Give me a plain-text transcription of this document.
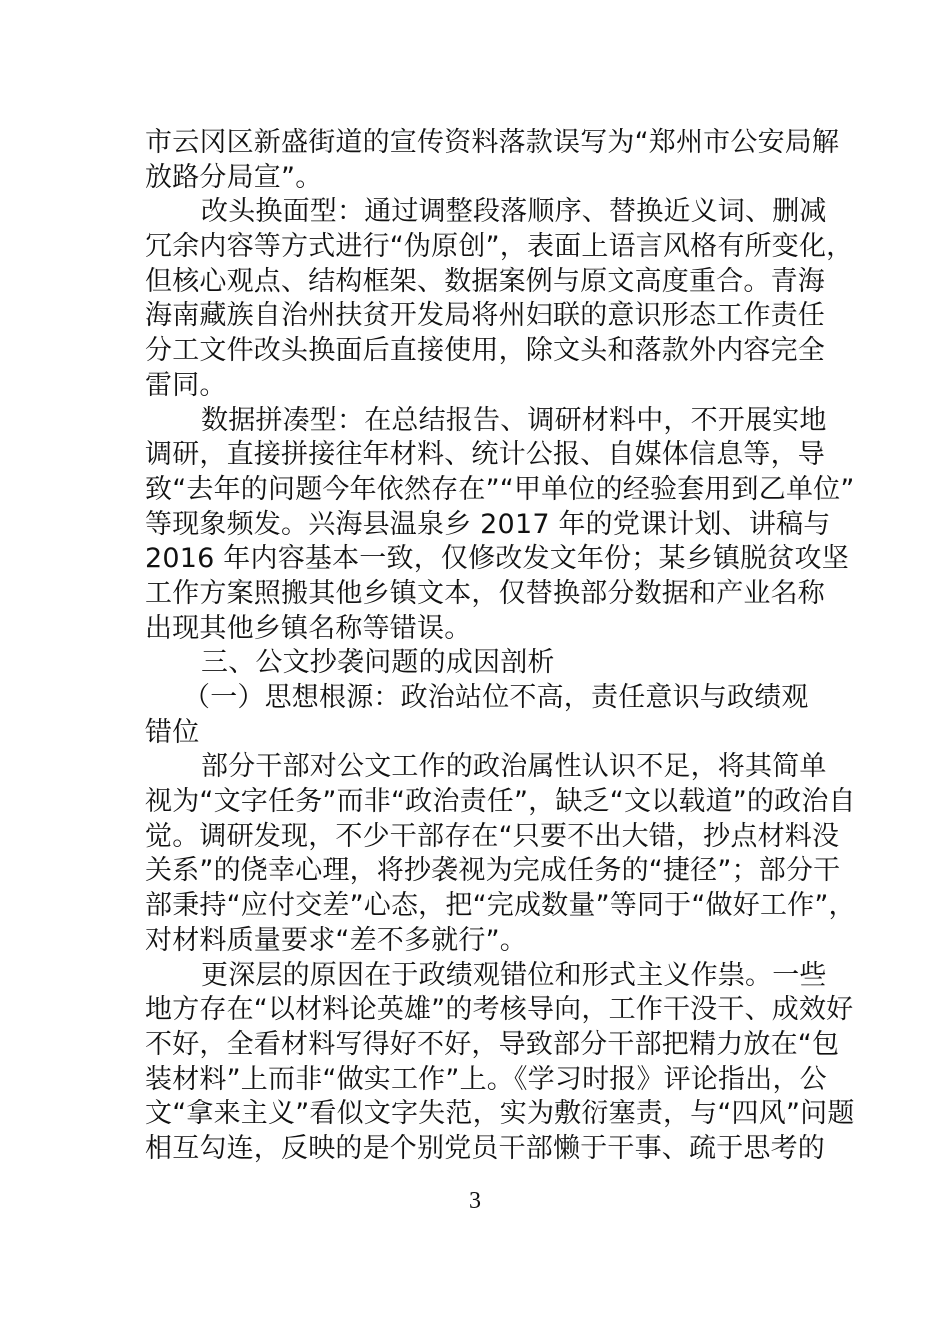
市云冈区新盛街道的宣传资料落款误写为“郑州市公安局解
放路分局宣”。
改头换面型：通过调整段落顺序、替换近义词、删减
冗余内容等方式进行“伪原创”，表面上语言风格有所变化，
但核心观点、结构框架、数据案例与原文高度重合。青海
海南藏族自治州扶贫开发局将州妇联的意识形态工作责任
分工文件改头换面后直接使用，除文头和落款外内容完全
雷同。
数据拼凑型：在总结报告、调研材料中，不开展实地
调研，直接拼接往年材料、统计公报、自媒体信息等，导
致“去年的问题今年依然存在”“甲单位的经验套用到乙单位”
等现象频发。兴海县温泉乡 2017 年的党课计划、讲稿与
2016 年内容基本一致，仅修改发文年份；某乡镇脱贫攻坚
工作方案照搬其他乡镇文本，仅替换部分数据和产业名称
出现其他乡镇名称等错误。
三、公文抄袭问题的成因剖析
（一）思想根源：政治站位不高，责任意识与政绩观
错位
部分干部对公文工作的政治属性认识不足，将其简单
视为“文字任务”而非“政治责任”，缺乏“文以载道”的政治自
觉。调研发现，不少干部存在“只要不出大错，抄点材料没
关系”的侥幸心理，将抄袭视为完成任务的“捷径”；部分干
部秉持“应付交差”心态，把“完成数量”等同于“做好工作”，
对材料质量要求“差不多就行”。
更深层的原因在于政绩观错位和形式主义作祟。一些
地方存在“以材料论英雄”的考核导向，工作干没干、成效好
不好，全看材料写得好不好，导致部分干部把精力放在“包
装材料”上而非“做实工作”上。《学习时报》评论指出，公
文“拿来主义”看似文字失范，实为敷衍塞责，与“四风”问题
相互勾连，反映的是个别党员干部懒于干事、疏于思考的
3
